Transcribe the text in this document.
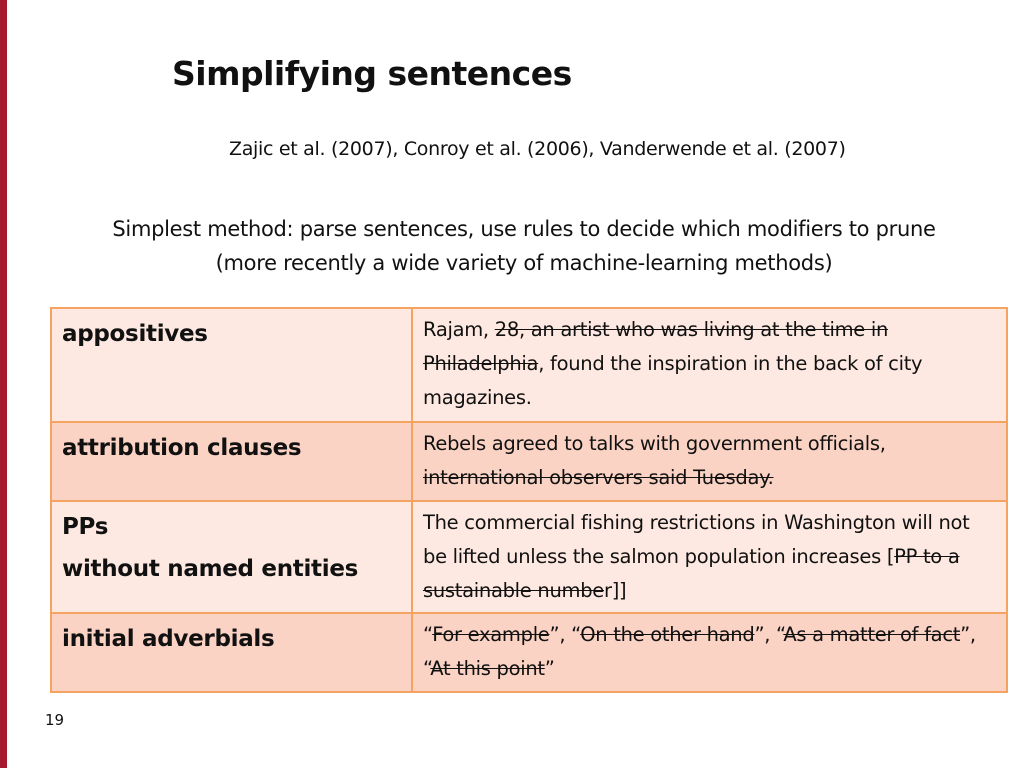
Simplifying sentences
Zajic et al. (2007), Conroy et al. (2006), Vanderwende et al. (2007)
Simplest method: parse sentences, use rules to decide which modifiers to prune
(more recently a wide variety of machine-learning methods)
appositives	Rajam, 28, an artist who was living at the time in Philadelphia, found the inspiration in the back of city magazines.

attribution clauses	Rebels agreed to talks with government officials, international observers said Tuesday.

PPs
without named entities	The commercial fishing restrictions in Washington will not be lifted unless the salmon population increases [PP to a sustainable number]]

initial adverbials	“For example”, “On the other hand”, “As a matter of fact”, “At this point”
19
